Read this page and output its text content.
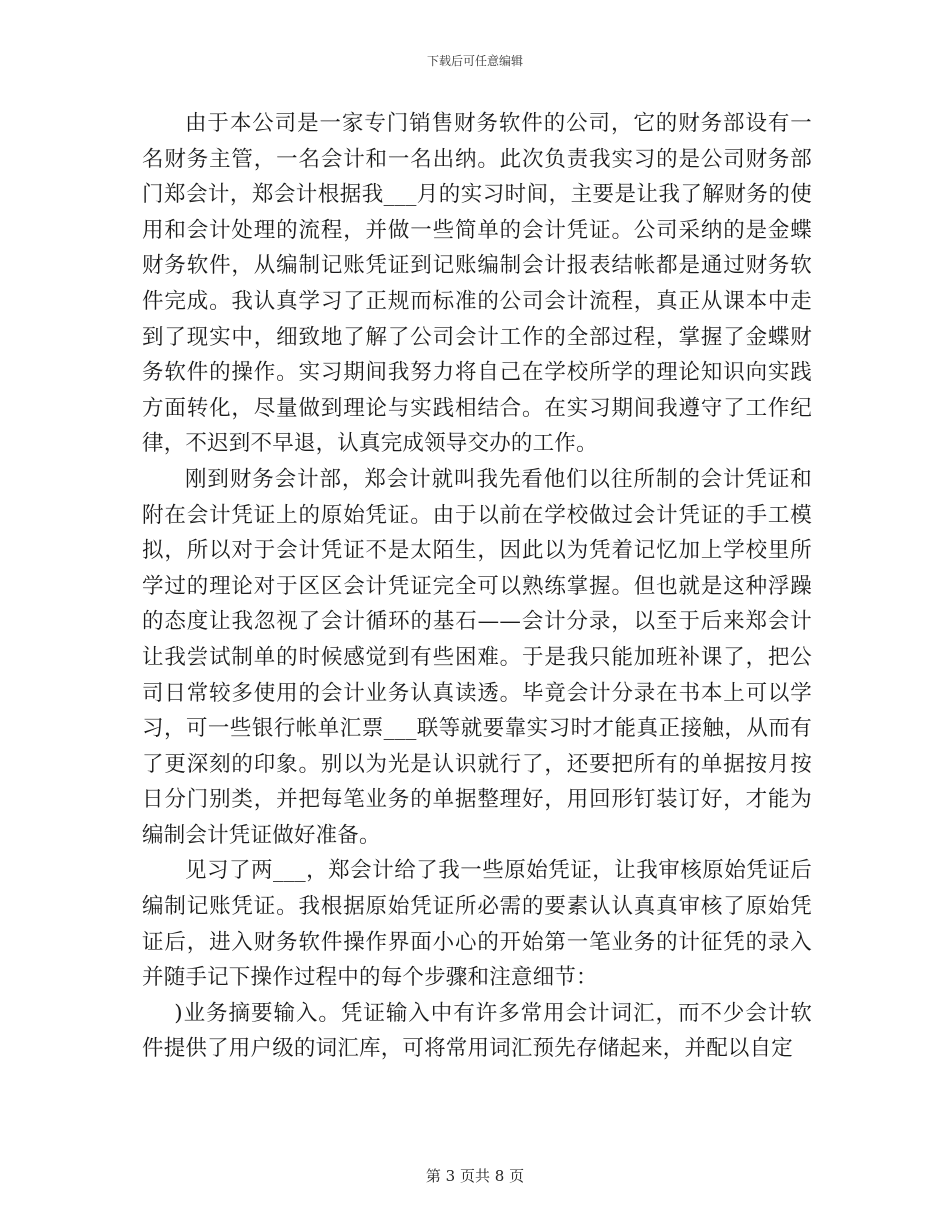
下载后可任意编辑

由于本公司是一家专门销售财务软件的公司，它的财务部设有一名财务主管，一名会计和一名出纳。此次负责我实习的是公司财务部门郑会计，郑会计根据我___月的实习时间，主要是让我了解财务的使用和会计处理的流程，并做一些简单的会计凭证。公司采纳的是金蝶财务软件，从编制记账凭证到记账编制会计报表结帐都是通过财务软件完成。我认真学习了正规而标准的公司会计流程，真正从课本中走到了现实中，细致地了解了公司会计工作的全部过程，掌握了金蝶财务软件的操作。实习期间我努力将自己在学校所学的理论知识向实践方面转化，尽量做到理论与实践相结合。在实习期间我遵守了工作纪律，不迟到不早退，认真完成领导交办的工作。

刚到财务会计部，郑会计就叫我先看他们以往所制的会计凭证和附在会计凭证上的原始凭证。由于以前在学校做过会计凭证的手工模拟，所以对于会计凭证不是太陌生，因此以为凭着记忆加上学校里所学过的理论对于区区会计凭证完全可以熟练掌握。但也就是这种浮躁的态度让我忽视了会计循环的基石——会计分录，以至于后来郑会计让我尝试制单的时候感觉到有些困难。于是我只能加班补课了，把公司日常较多使用的会计业务认真读透。毕竟会计分录在书本上可以学习，可一些银行帐单汇票___联等就要靠实习时才能真正接触，从而有了更深刻的印象。别以为光是认识就行了，还要把所有的单据按月按日分门别类，并把每笔业务的单据整理好，用回形钉装订好，才能为编制会计凭证做好准备。

见习了两___，郑会计给了我一些原始凭证，让我审核原始凭证后编制记账凭证。我根据原始凭证所必需的要素认认真真审核了原始凭证后，进入财务软件操作界面小心的开始第一笔业务的计征凭的录入并随手记下操作过程中的每个步骤和注意细节：

)业务摘要输入。凭证输入中有许多常用会计词汇，而不少会计软件提供了用户级的词汇库，可将常用词汇预先存储起来，并配以自定

第 3 页共 8 页
